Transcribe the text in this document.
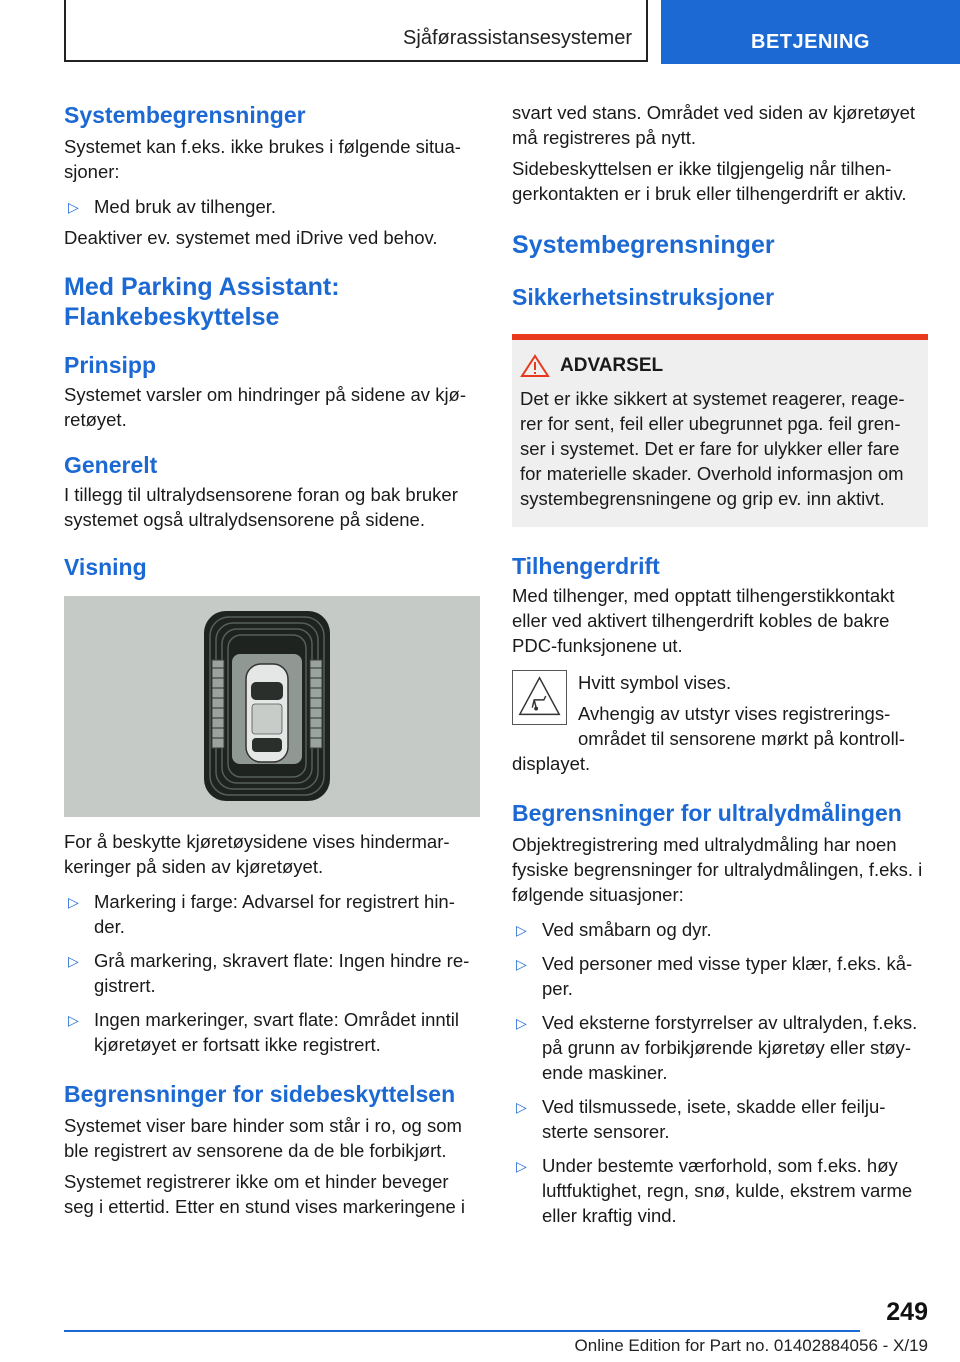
Sjåførassistansesystemer	BETJENING

Systembegrensninger

Systemet kan f.eks. ikke brukes i følgende situa-sjoner:

▷ Med bruk av tilhenger.

Deaktiver ev. systemet med iDrive ved behov.

Med Parking Assistant: Flankebeskyttelse

Prinsipp

Systemet varsler om hindringer på sidene av kjø-retøyet.

Generelt

I tillegg til ultralydsensorene foran og bak bruker systemet også ultralydsensorene på sidene.

Visning

For å beskytte kjøretøysidene vises hindermar-keringer på siden av kjøretøyet.

▷ Markering i farge: Advarsel for registrert hin-der.
▷ Grå markering, skravert flate: Ingen hindre re-gistrert.
▷ Ingen markeringer, svart flate: Området inntil kjøretøyet er fortsatt ikke registrert.

Begrensninger for sidebeskyttelsen

Systemet viser bare hinder som står i ro, og som ble registrert av sensorene da de ble forbikjørt.

Systemet registrerer ikke om et hinder beveger seg i ettertid. Etter en stund vises markeringene i

svart ved stans. Området ved siden av kjøretøyet må registreres på nytt.

Sidebeskyttelsen er ikke tilgjengelig når tilhen-gerkontakten er i bruk eller tilhengerdrift er aktiv.

Systembegrensninger

Sikkerhetsinstruksjoner

ADVARSEL

Det er ikke sikkert at systemet reagerer, reage-rer for sent, feil eller ubegrunnet pga. feil gren-ser i systemet. Det er fare for ulykker eller fare for materielle skader. Overhold informasjon om systembegrensningene og grip ev. inn aktivt.

Tilhengerdrift

Med tilhenger, med opptatt tilhengerstikkontakt eller ved aktivert tilhengerdrift kobles de bakre PDC-funksjonene ut.

Hvitt symbol vises.

Avhengig av utstyr vises registrerings-området til sensorene mørkt på kontroll-

displayet.

Begrensninger for ultralydmålingen

Objektregistrering med ultralydmåling har noen fysiske begrensninger for ultralydmålingen, f.eks. i følgende situasjoner:

▷ Ved småbarn og dyr.
▷ Ved personer med visse typer klær, f.eks. kå-per.
▷ Ved eksterne forstyrrelser av ultralyden, f.eks. på grunn av forbikjørende kjøretøy eller støy-ende maskiner.
▷ Ved tilsmussede, isete, skadde eller feilju-sterte sensorer.
▷ Under bestemte værforhold, som f.eks. høy luftfuktighet, regn, snø, kulde, ekstrem varme eller kraftig vind.
249
Online Edition for Part no. 01402884056 - X/19
